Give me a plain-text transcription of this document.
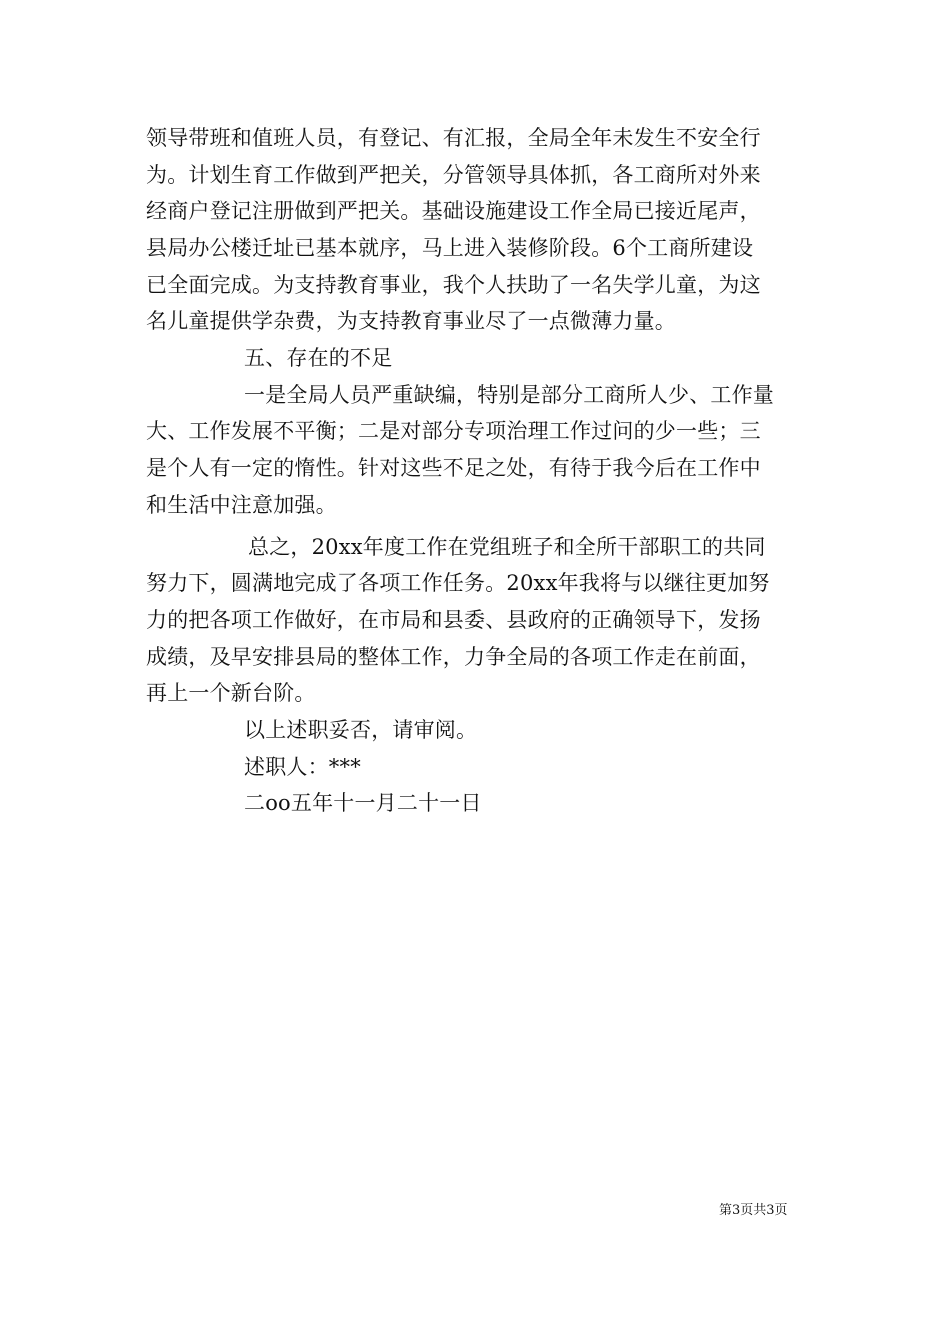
领导带班和值班人员，有登记、有汇报，全局全年未发生不安全行
为。计划生育工作做到严把关，分管领导具体抓，各工商所对外来
经商户登记注册做到严把关。基础设施建设工作全局已接近尾声，
县局办公楼迁址已基本就序，马上进入装修阶段。6个工商所建设
已全面完成。为支持教育事业，我个人扶助了一名失学儿童，为这
名儿童提供学杂费，为支持教育事业尽了一点微薄力量。
五、存在的不足
一是全局人员严重缺编，特别是部分工商所人少、工作量
大、工作发展不平衡；二是对部分专项治理工作过问的少一些；三
是个人有一定的惰性。针对这些不足之处，有待于我今后在工作中
和生活中注意加强。
总之，20xx年度工作在党组班子和全所干部职工的共同
努力下，圆满地完成了各项工作任务。20xx年我将与以继往更加努
力的把各项工作做好，在市局和县委、县政府的正确领导下，发扬
成绩，及早安排县局的整体工作，力争全局的各项工作走在前面，
再上一个新台阶。
以上述职妥否，请审阅。
述职人：***
二oo五年十一月二十一日
第3页共3页
